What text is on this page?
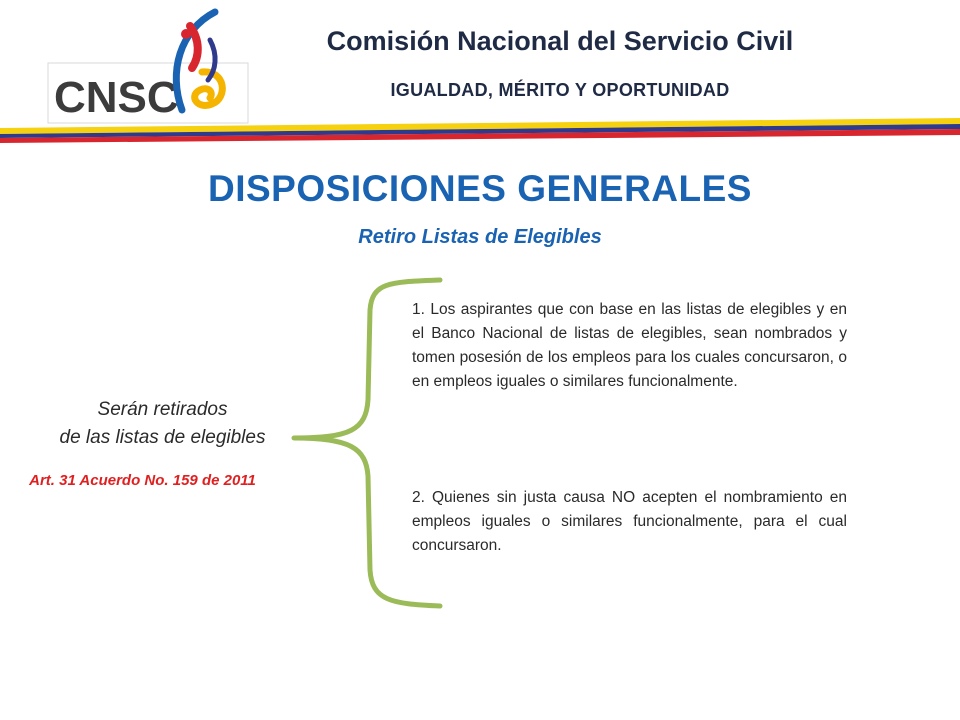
CNSC
Comisión Nacional del Servicio Civil
IGUALDAD, MÉRITO Y OPORTUNIDAD
DISPOSICIONES GENERALES
Retiro Listas de Elegibles
Serán retirados
de las listas de elegibles
Art. 31 Acuerdo No. 159 de 2011
1. Los aspirantes que con base en las listas de elegibles y en el Banco Nacional de listas de elegibles, sean nombrados y tomen posesión de los empleos para los cuales concursaron, o en empleos iguales o similares funcionalmente.
2. Quienes sin justa causa NO acepten el nombramiento en empleos iguales o similares funcionalmente, para el cual concursaron.
